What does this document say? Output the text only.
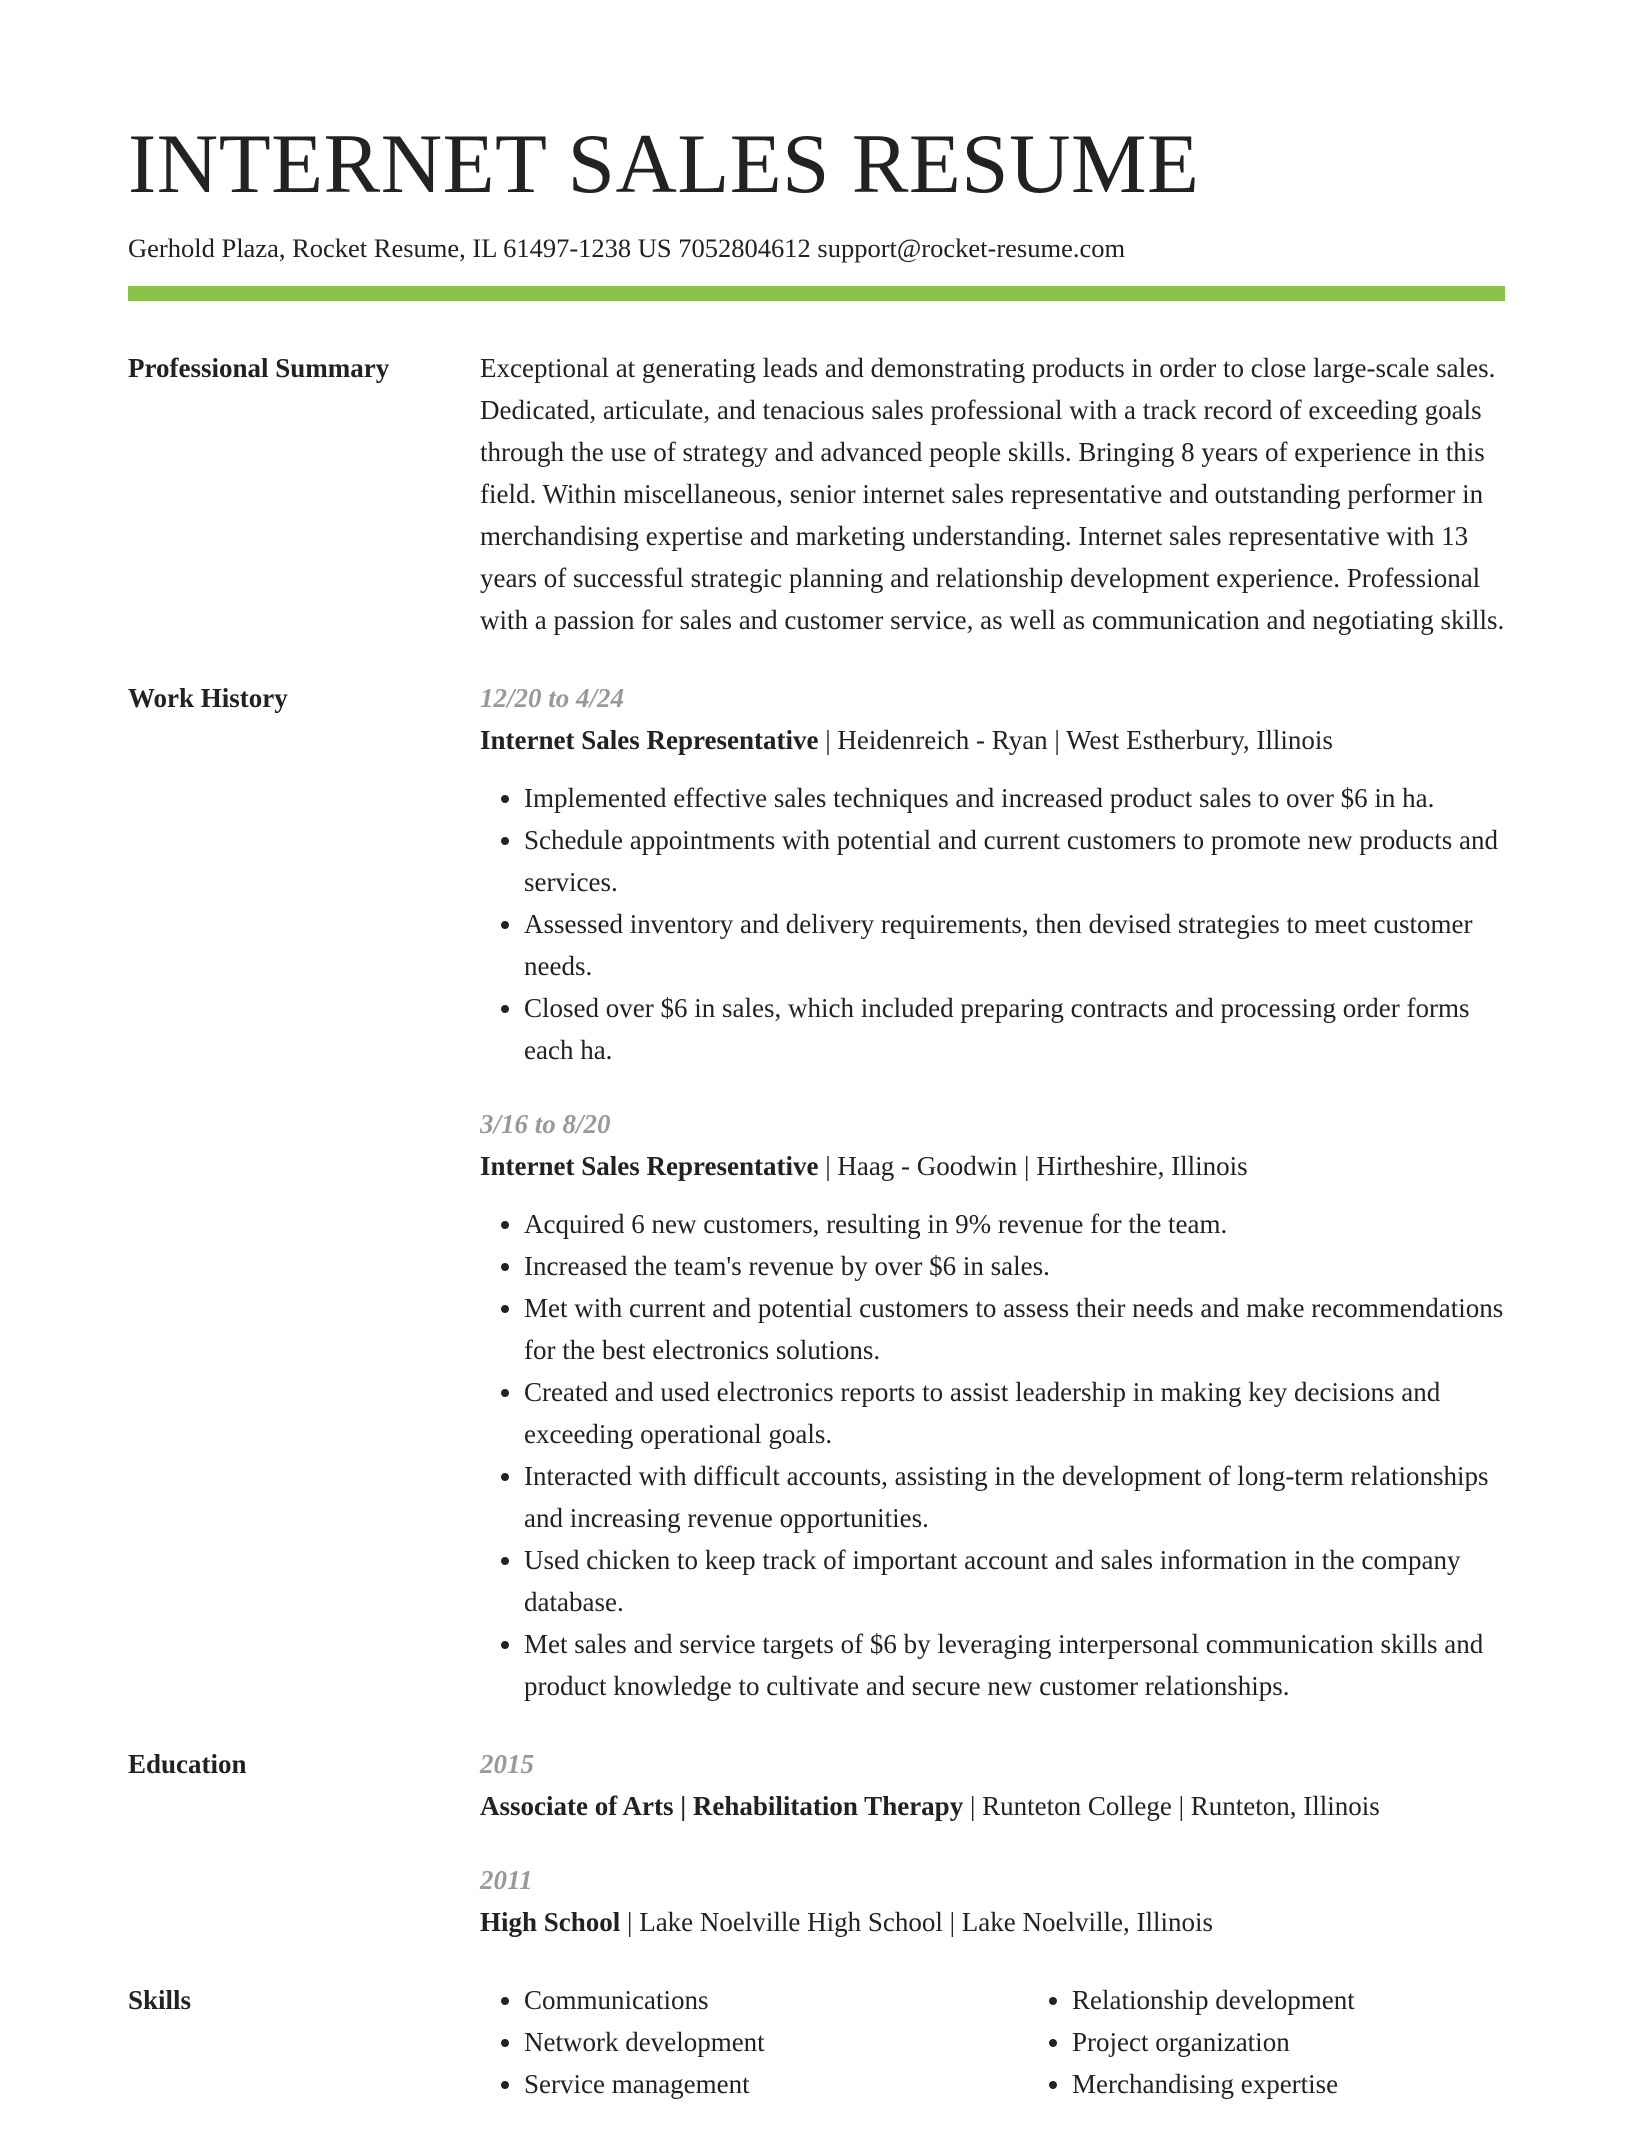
INTERNET SALES RESUME
Gerhold Plaza, Rocket Resume, IL 61497-1238 US 7052804612 support@rocket-resume.com
Professional Summary	Exceptional at generating leads and demonstrating products in order to close large-scale sales. Dedicated, articulate, and tenacious sales professional with a track record of exceeding goals through the use of strategy and advanced people skills. Bringing 8 years of experience in this field. Within miscellaneous, senior internet sales representative and outstanding performer in merchandising expertise and marketing understanding. Internet sales representative with 13 years of successful strategic planning and relationship development experience. Professional with a passion for sales and customer service, as well as communication and negotiating skills.

Work History	12/20 to 4/24
Internet Sales Representative | Heidenreich - Ryan | West Estherbury, Illinois
• Implemented effective sales techniques and increased product sales to over $6 in ha.
• Schedule appointments with potential and current customers to promote new products and services.
• Assessed inventory and delivery requirements, then devised strategies to meet customer needs.
• Closed over $6 in sales, which included preparing contracts and processing order forms each ha.
3/16 to 8/20
Internet Sales Representative | Haag - Goodwin | Hirtheshire, Illinois
• Acquired 6 new customers, resulting in 9% revenue for the team.
• Increased the team's revenue by over $6 in sales.
• Met with current and potential customers to assess their needs and make recommendations for the best electronics solutions.
• Created and used electronics reports to assist leadership in making key decisions and exceeding operational goals.
• Interacted with difficult accounts, assisting in the development of long-term relationships and increasing revenue opportunities.
• Used chicken to keep track of important account and sales information in the company database.
• Met sales and service targets of $6 by leveraging interpersonal communication skills and product knowledge to cultivate and secure new customer relationships.
Education	2015
Associate of Arts | Rehabilitation Therapy | Runteton College | Runteton, Illinois
2011
High School | Lake Noelville High School | Lake Noelville, Illinois
Skills
•	Communications
• Network development
• Service management
• Relationship development
• Project organization
• Merchandising expertise
